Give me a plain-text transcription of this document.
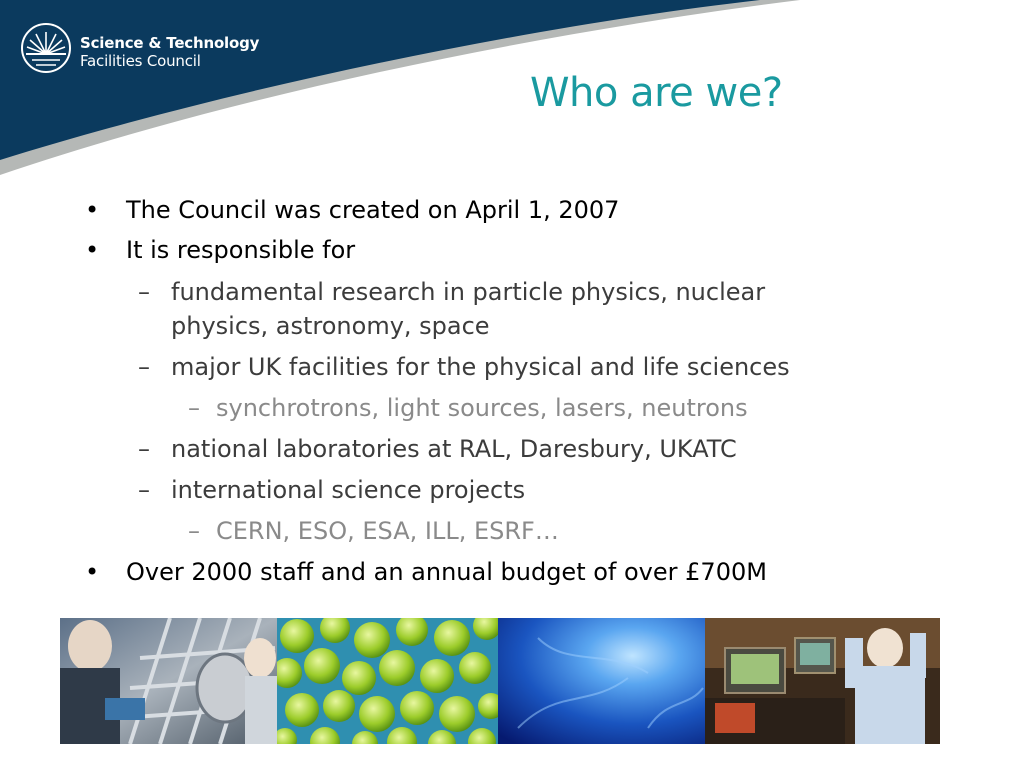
Science & Technology
Facilities Council
Who are we?
• The Council was created on April 1, 2007
• It is responsible for
– fundamental research in particle physics, nuclear
physics, astronomy, space
– major UK facilities for the physical and life sciences
– synchrotrons, light sources, lasers, neutrons
– national laboratories at RAL, Daresbury, UKATC
– international science projects
– CERN, ESO, ESA, ILL, ESRF…
• Over 2000 staff and an annual budget of over £700M
